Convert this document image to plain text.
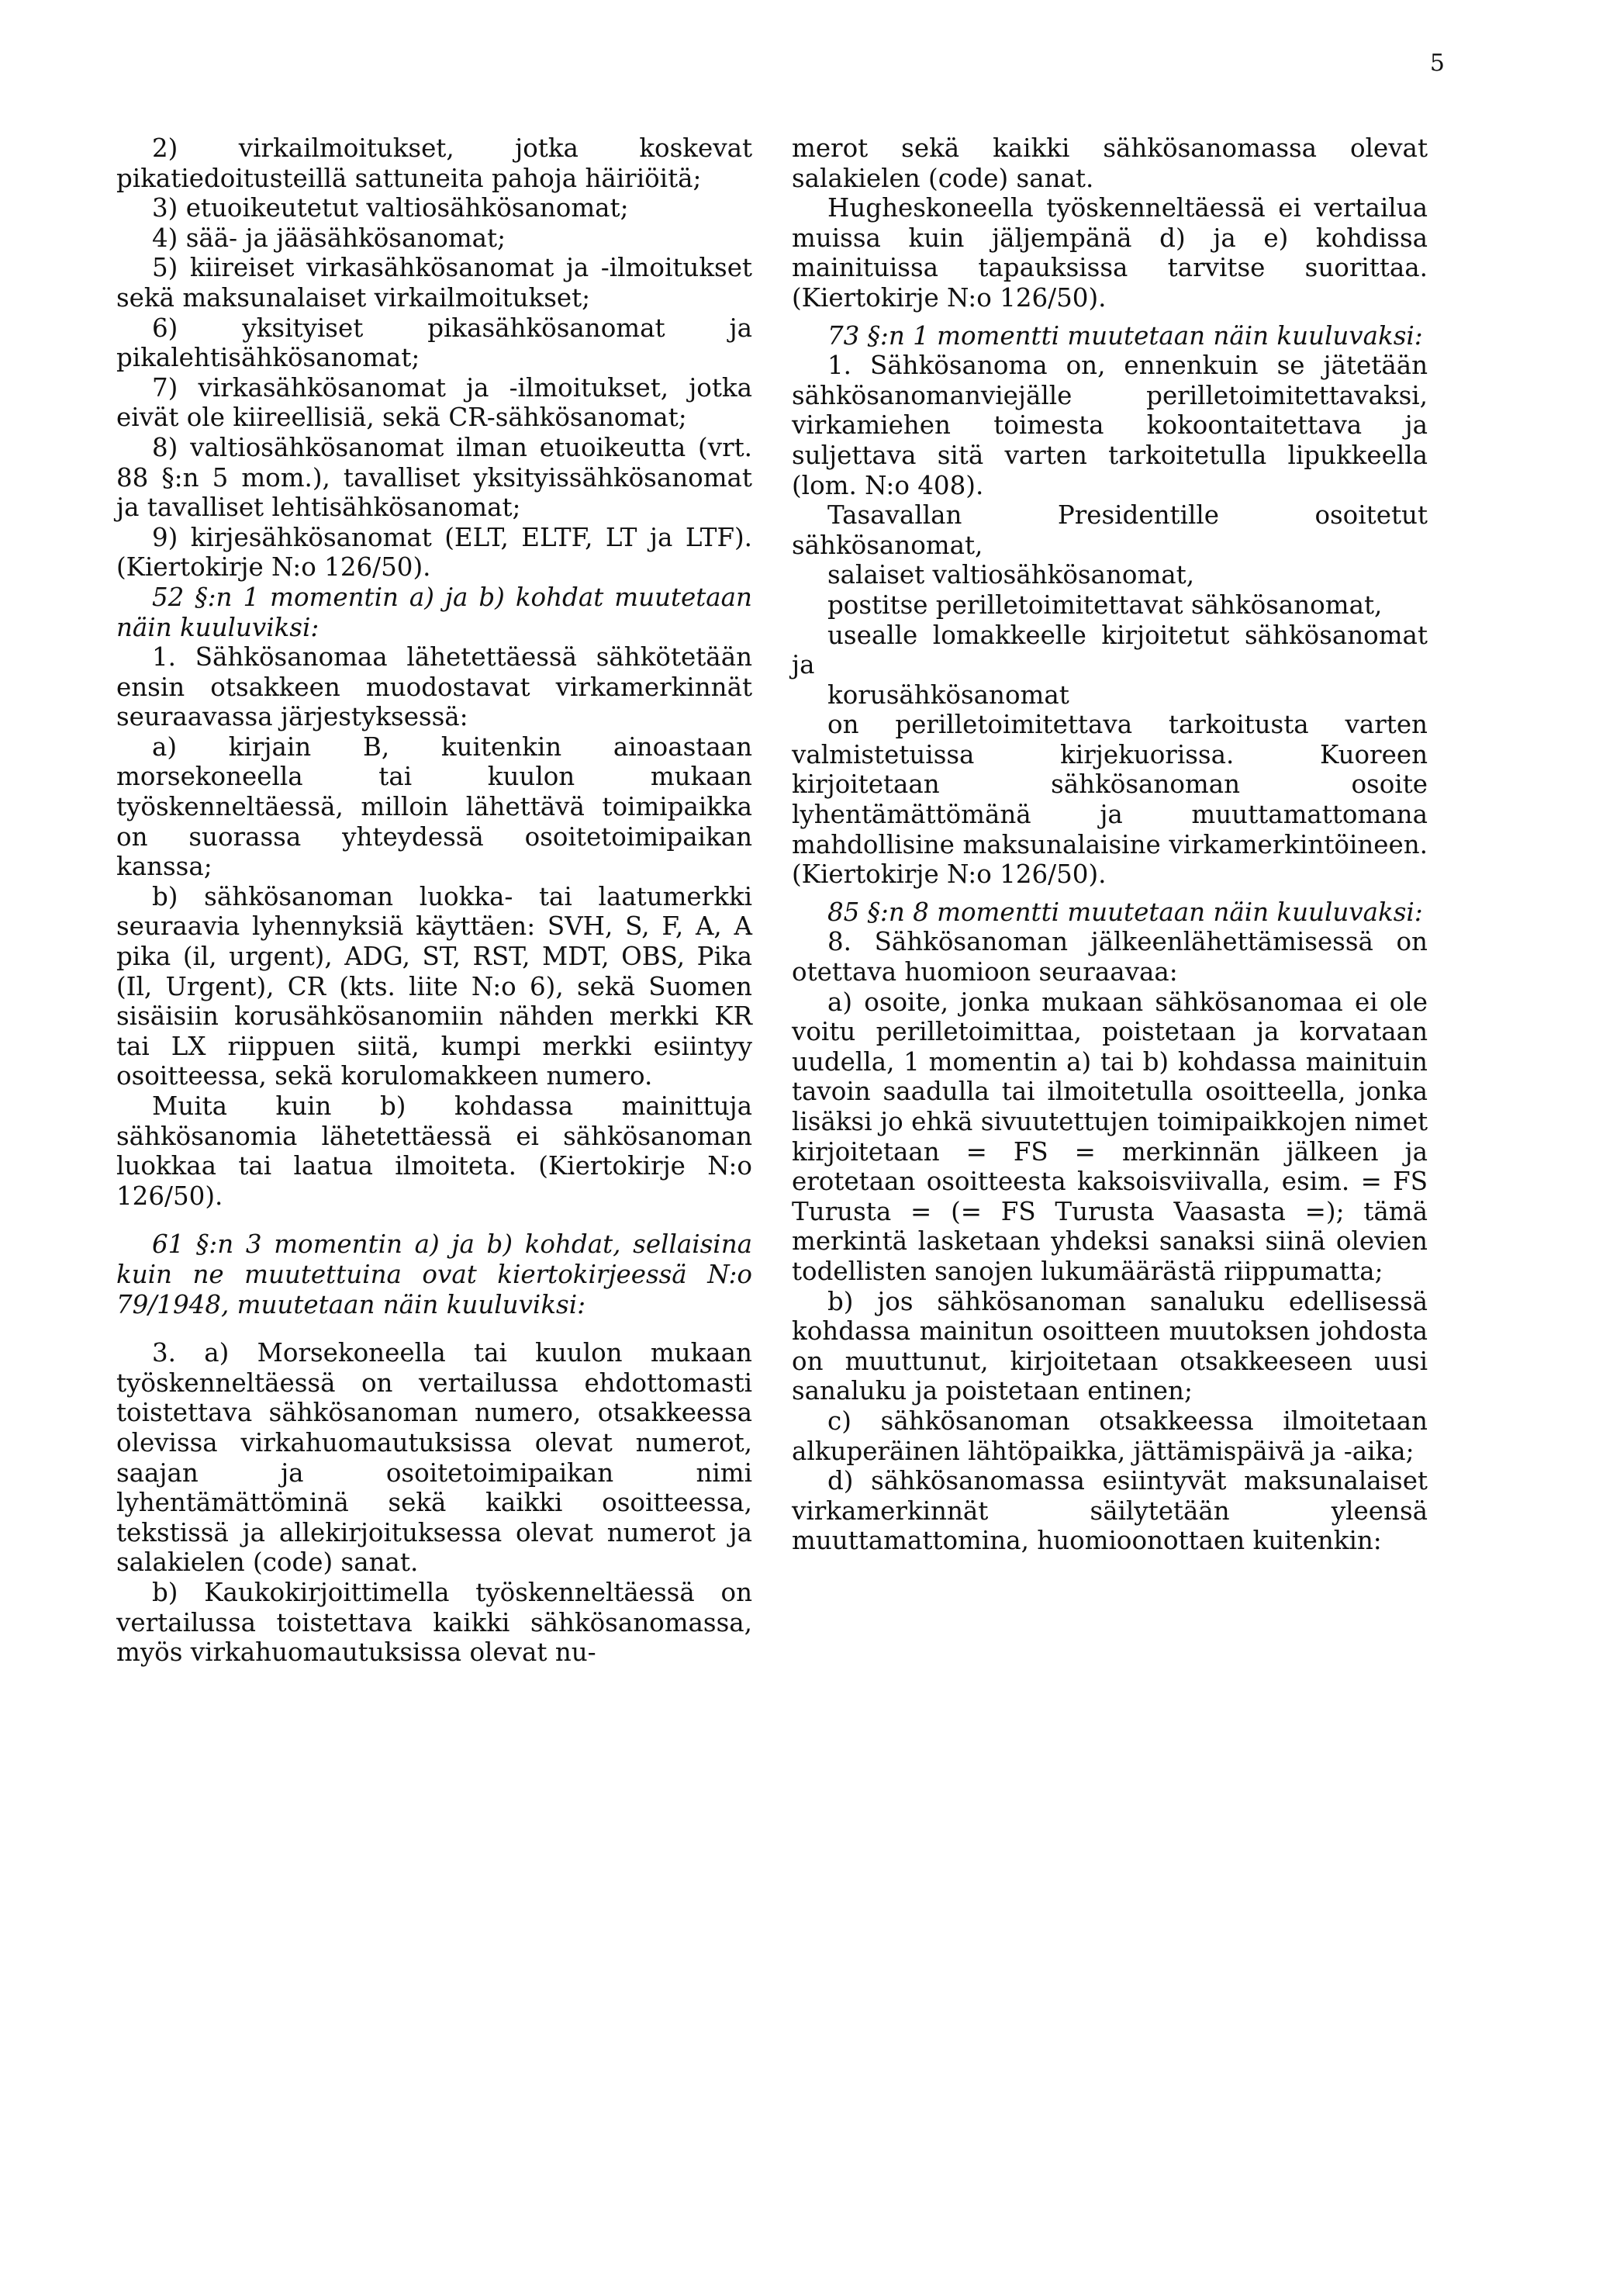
5

2) virkailmoitukset, jotka koskevat pikatiedoitusteillä sattuneita pahoja häiriöitä;

3) etuoikeutetut valtiosähkösanomat;

4) sää- ja jääsähkösanomat;

5) kiireiset virkasähkösanomat ja -ilmoitukset sekä maksunalaiset virkailmoitukset;

6) yksityiset pikasähkösanomat ja pikalehtisähkösanomat;

7) virkasähkösanomat ja -ilmoitukset, jotka eivät ole kiireellisiä, sekä CR-sähkösanomat;

8) valtiosähkösanomat ilman etuoikeutta (vrt. 88 §:n 5 mom.), tavalliset yksityissähkösanomat ja tavalliset lehtisähkösanomat;

9) kirjesähkösanomat (ELT, ELTF, LT ja LTF). (Kiertokirje N:o 126/50).

52 §:n 1 momentin a) ja b) kohdat muutetaan näin kuuluviksi:

1. Sähkösanomaa lähetettäessä sähkötetään ensin otsakkeen muodostavat virkamerkinnät seuraavassa järjestyksessä:

a) kirjain B, kuitenkin ainoastaan morsekoneella tai kuulon mukaan työskenneltäessä, milloin lähettävä toimipaikka on suorassa yhteydessä osoitetoimipaikan kanssa;

b) sähkösanoman luokka- tai laatumerkki seuraavia lyhennyksiä käyttäen: SVH, S, F, A, A pika (il, urgent), ADG, ST, RST, MDT, OBS, Pika (Il, Urgent), CR (kts. liite N:o 6), sekä Suomen sisäisiin korusähkösanomiin nähden merkki KR tai LX riippuen siitä, kumpi merkki esiintyy osoitteessa, sekä korulomakkeen numero.

Muita kuin b) kohdassa mainittuja sähkösanomia lähetettäessä ei sähkösanoman luokkaa tai laatua ilmoiteta. (Kiertokirje N:o 126/50).

61 §:n 3 momentin a) ja b) kohdat, sellaisina kuin ne muutettuina ovat kiertokirjeessä N:o 79/1948, muutetaan näin kuuluviksi:

3. a) Morsekoneella tai kuulon mukaan työskenneltäessä on vertailussa ehdottomasti toistettava sähkösanoman numero, otsakkeessa olevissa virkahuomautuksissa olevat numerot, saajan ja osoitetoimipaikan nimi lyhentämättöminä sekä kaikki osoitteessa, tekstissä ja allekirjoituksessa olevat numerot ja salakielen (code) sanat.

b) Kaukokirjoittimella työskenneltäessä on vertailussa toistettava kaikki sähkösanomassa, myös virkahuomautuksissa olevat nu-

merot sekä kaikki sähkösanomassa olevat salakielen (code) sanat.

Hugheskoneella työskenneltäessä ei vertailua muissa kuin jäljempänä d) ja e) kohdissa mainituissa tapauksissa tarvitse suorittaa. (Kiertokirje N:o 126/50).

73 §:n 1 momentti muutetaan näin kuuluvaksi:

1. Sähkösanoma on, ennenkuin se jätetään sähkösanomanviejälle perilletoimitettavaksi, virkamiehen toimesta kokoontaitettava ja suljettava sitä varten tarkoitetulla lipukkeella (lom. N:o 408).

Tasavallan Presidentille osoitetut sähkösanomat,

salaiset valtiosähkösanomat,

postitse perilletoimitettavat sähkösanomat,

usealle lomakkeelle kirjoitetut sähkösanomat ja

korusähkösanomat

on perilletoimitettava tarkoitusta varten valmistetuissa kirjekuorissa. Kuoreen kirjoitetaan sähkösanoman osoite lyhentämättömänä ja muuttamattomana mahdollisine maksunalaisine virkamerkintöineen. (Kiertokirje N:o 126/50).

85 §:n 8 momentti muutetaan näin kuuluvaksi:

8. Sähkösanoman jälkeenlähettämisessä on otettava huomioon seuraavaa:

a) osoite, jonka mukaan sähkösanomaa ei ole voitu perilletoimittaa, poistetaan ja korvataan uudella, 1 momentin a) tai b) kohdassa mainituin tavoin saadulla tai ilmoitetulla osoitteella, jonka lisäksi jo ehkä sivuutettujen toimipaikkojen nimet kirjoitetaan = FS = merkinnän jälkeen ja erotetaan osoitteesta kaksoisviivalla, esim. = FS Turusta = (= FS Turusta Vaasasta =); tämä merkintä lasketaan yhdeksi sanaksi siinä olevien todellisten sanojen lukumäärästä riippumatta;

b) jos sähkösanoman sanaluku edellisessä kohdassa mainitun osoitteen muutoksen johdosta on muuttunut, kirjoitetaan otsakkeeseen uusi sanaluku ja poistetaan entinen;

c) sähkösanoman otsakkeessa ilmoitetaan alkuperäinen lähtöpaikka, jättämispäivä ja -aika;

d) sähkösanomassa esiintyvät maksunalaiset virkamerkinnät säilytetään yleensä muuttamattomina, huomioonottaen kuitenkin:
